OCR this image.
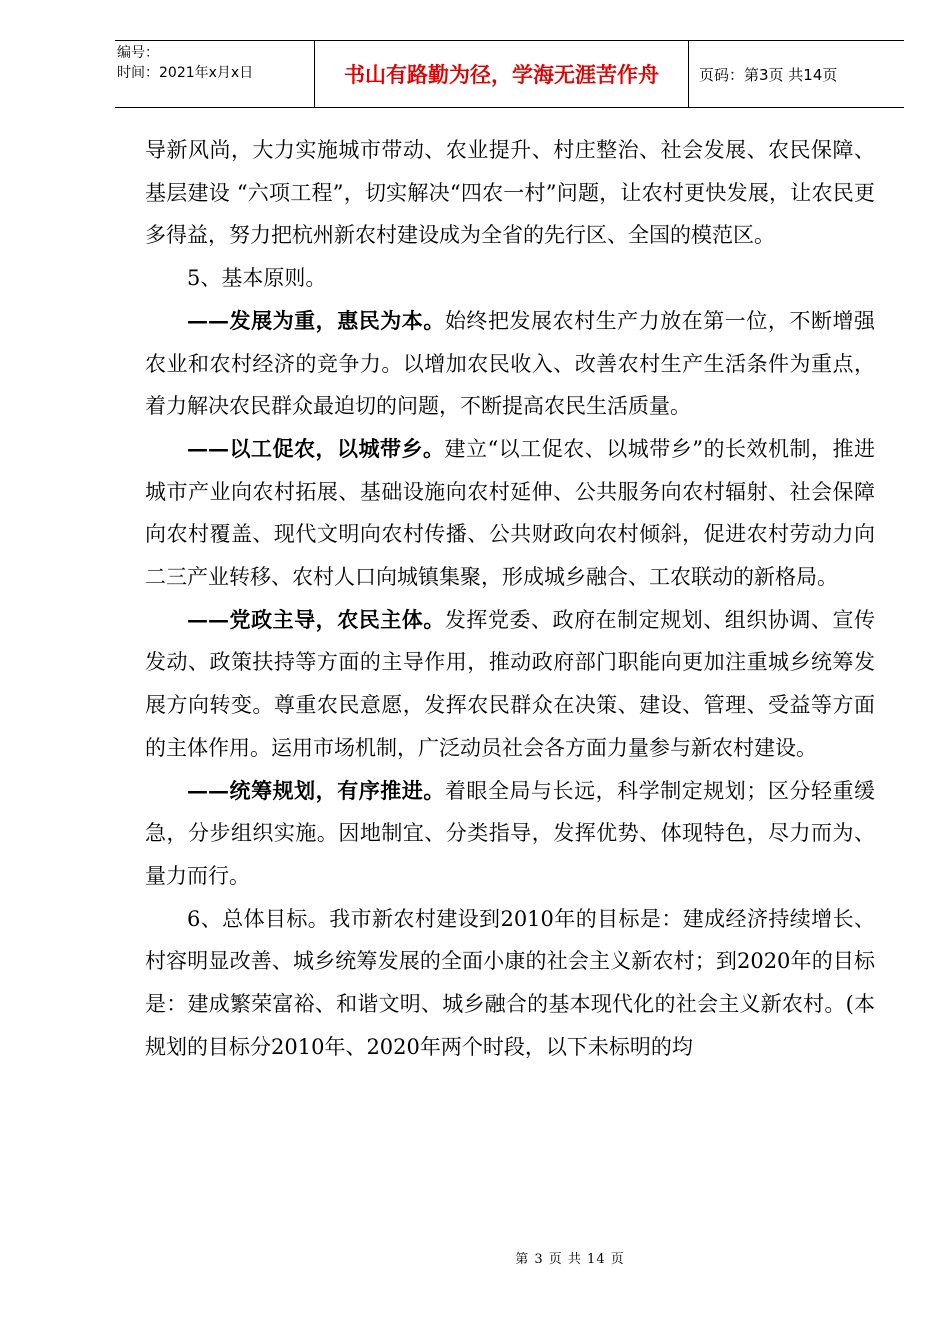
编号：
时间：2021年x月x日	书山有路勤为径，学海无涯苦作舟	页码：第3页 共14页

导新风尚，大力实施城市带动、农业提升、村庄整治、社会发展、农民保障、基层建设 “六项工程”，切实解决“四农一村”问题，让农村更快发展，让农民更多得益，努力把杭州新农村建设成为全省的先行区、全国的模范区。

5、基本原则。

——发展为重，惠民为本。始终把发展农村生产力放在第一位，不断增强农业和农村经济的竞争力。以增加农民收入、改善农村生产生活条件为重点，着力解决农民群众最迫切的问题，不断提高农民生活质量。

——以工促农，以城带乡。建立“以工促农、以城带乡”的长效机制，推进城市产业向农村拓展、基础设施向农村延伸、公共服务向农村辐射、社会保障向农村覆盖、现代文明向农村传播、公共财政向农村倾斜，促进农村劳动力向二三产业转移、农村人口向城镇集聚，形成城乡融合、工农联动的新格局。

——党政主导，农民主体。发挥党委、政府在制定规划、组织协调、宣传发动、政策扶持等方面的主导作用，推动政府部门职能向更加注重城乡统筹发展方向转变。尊重农民意愿，发挥农民群众在决策、建设、管理、受益等方面的主体作用。运用市场机制，广泛动员社会各方面力量参与新农村建设。

——统筹规划，有序推进。着眼全局与长远，科学制定规划；区分轻重缓急，分步组织实施。因地制宜、分类指导，发挥优势、体现特色，尽力而为、量力而行。

6、总体目标。我市新农村建设到2010年的目标是：建成经济持续增长、村容明显改善、城乡统筹发展的全面小康的社会主义新农村；到2020年的目标是：建成繁荣富裕、和谐文明、城乡融合的基本现代化的社会主义新农村。(本规划的目标分2010年、2020年两个时段，以下未标明的均

第 3 页 共 14 页
